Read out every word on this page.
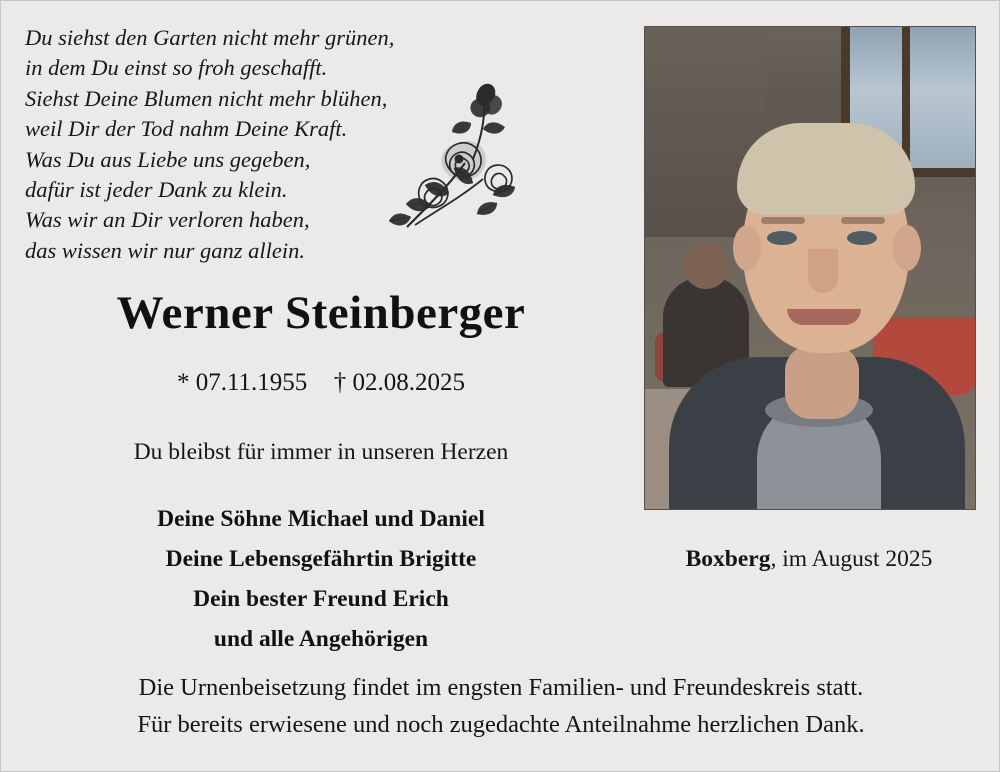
Du siehst den Garten nicht mehr grünen,
in dem Du einst so froh geschafft.
Siehst Deine Blumen nicht mehr blühen,
weil Dir der Tod nahm Deine Kraft.
Was Du aus Liebe uns gegeben,
dafür ist jeder Dank zu klein.
Was wir an Dir verloren haben,
das wissen wir nur ganz allein.
Werner Steinberger
* 07.11.1955 † 02.08.2025
Du bleibst für immer in unseren Herzen
Deine Söhne Michael und Daniel
Deine Lebensgefährtin Brigitte
Dein bester Freund Erich
und alle Angehörigen
Boxberg, im August 2025
Die Urnenbeisetzung findet im engsten Familien- und Freundeskreis statt.
Für bereits erwiesene und noch zugedachte Anteilnahme herzlichen Dank.
